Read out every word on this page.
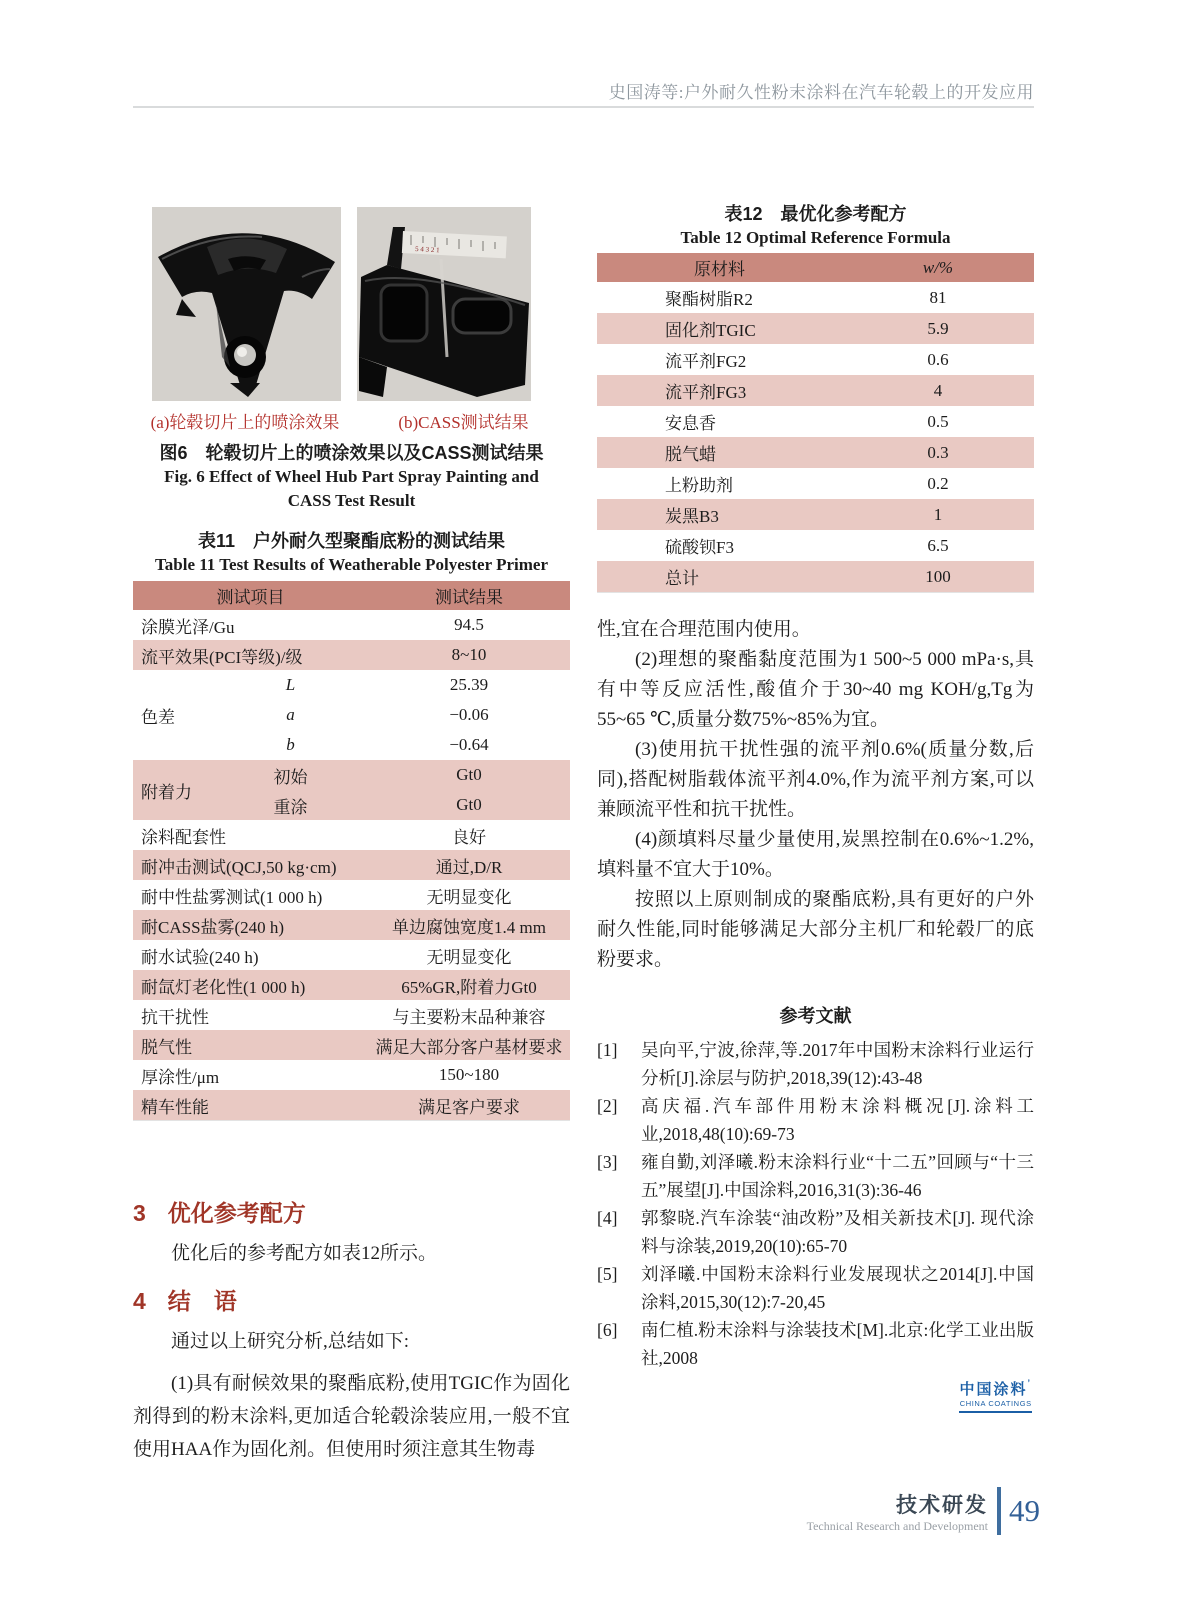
史国涛等:户外耐久性粉末涂料在汽车轮毂上的开发应用
5 4 3 2 1
(a)轮毂切片上的喷涂效果	(b)CASS测试结果
图6　轮毂切片上的喷涂效果以及CASS测试结果
Fig. 6 Effect of Wheel Hub Part Spray Painting and
CASS Test Result
表11　户外耐久型聚酯底粉的测试结果
Table 11 Test Results of Weatherable Polyester Primer
测试项目	测试结果
涂膜光泽/Gu	94.5
流平效果(PCI等级)/级	8~10
色差
L	25.39
a	−0.06
b	−0.64
附着力
初始	Gt0
重涂	Gt0
涂料配套性	良好
耐冲击测试(QCJ,50 kg·cm)	通过,D/R
耐中性盐雾测试(1 000 h)	无明显变化
耐CASS盐雾(240 h)	单边腐蚀宽度1.4 mm
耐水试验(240 h)	无明显变化
耐氙灯老化性(1 000 h)	65%GR,附着力Gt0
抗干扰性	与主要粉末品种兼容
脱气性	满足大部分客户基材要求
厚涂性/μm	150~180
精车性能	满足客户要求
3 优化参考配方

优化后的参考配方如表12所示。

4 结　语

通过以上研究分析,总结如下:

(1)具有耐候效果的聚酯底粉,使用TGIC作为固化剂得到的粉末涂料,更加适合轮毂涂装应用,一般不宜使用HAA作为固化剂。但使用时须注意其生物毒

表12　最优化参考配方
Table 12 Optimal Reference Formula
原材料	w/%
聚酯树脂R2	81
固化剂TGIC	5.9
流平剂FG2	0.6
流平剂FG3	4
安息香	0.5
脱气蜡	0.3
上粉助剂	0.2
炭黑B3	1
硫酸钡F3	6.5
总计	100

性,宜在合理范围内使用。

(2)理想的聚酯黏度范围为1 500~5 000 mPa·s,具有中等反应活性,酸值介于30~40 mg KOH/g,Tg为55~65 ℃,质量分数75%~85%为宜。

(3)使用抗干扰性强的流平剂0.6%(质量分数,后同),搭配树脂载体流平剂4.0%,作为流平剂方案,可以兼顾流平性和抗干扰性。

(4)颜填料尽量少量使用,炭黑控制在0.6%~1.2%,填料量不宜大于10%。

按照以上原则制成的聚酯底粉,具有更好的户外耐久性能,同时能够满足大部分主机厂和轮毂厂的底粉要求。

参考文献
[1] 吴向平,宁波,徐萍,等.2017年中国粉末涂料行业运行分析[J].涂层与防护,2018,39(12):43-48
[2] 高庆福.汽车部件用粉末涂料概况[J].涂料工业,2018,48(10):69-73
[3] 雍自勤,刘泽曦.粉末涂料行业“十二五”回顾与“十三五”展望[J].中国涂料,2016,31(3):36-46
[4] 郭黎晓.汽车涂装“油改粉”及相关新技术[J]. 现代涂料与涂装,2019,20(10):65-70
[5] 刘泽曦.中国粉末涂料行业发展现状之2014[J].中国涂料,2015,30(12):7-20,45
[6] 南仁植.粉末涂料与涂装技术[M].北京:化学工业出版社,2008
中国涂料’
CHINA COATINGS
技术研发
Technical Research and Development 49
